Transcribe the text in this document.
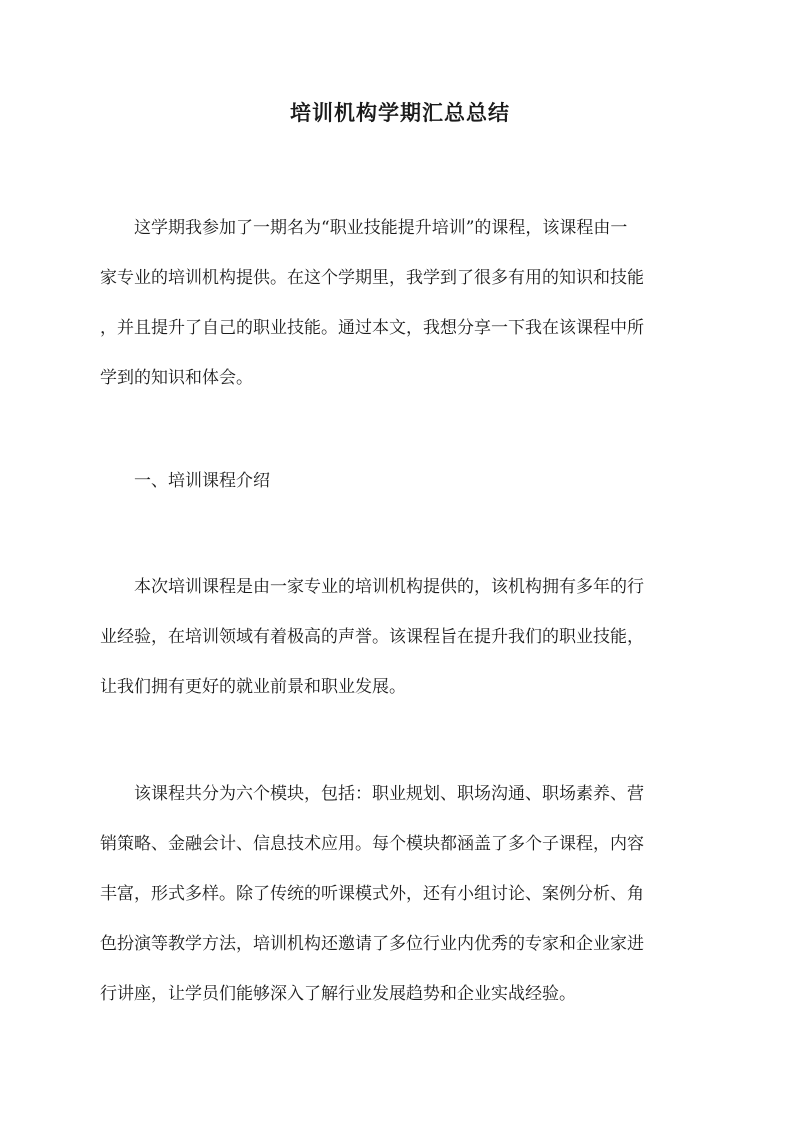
培训机构学期汇总总结
这学期我参加了一期名为“职业技能提升培训”的课程，该课程由一
家专业的培训机构提供。在这个学期里，我学到了很多有用的知识和技能
，并且提升了自己的职业技能。通过本文，我想分享一下我在该课程中所
学到的知识和体会。
一、培训课程介绍
本次培训课程是由一家专业的培训机构提供的，该机构拥有多年的行
业经验，在培训领域有着极高的声誉。该课程旨在提升我们的职业技能，
让我们拥有更好的就业前景和职业发展。
该课程共分为六个模块，包括：职业规划、职场沟通、职场素养、营
销策略、金融会计、信息技术应用。每个模块都涵盖了多个子课程，内容
丰富，形式多样。除了传统的听课模式外，还有小组讨论、案例分析、角
色扮演等教学方法，培训机构还邀请了多位行业内优秀的专家和企业家进
行讲座，让学员们能够深入了解行业发展趋势和企业实战经验。
